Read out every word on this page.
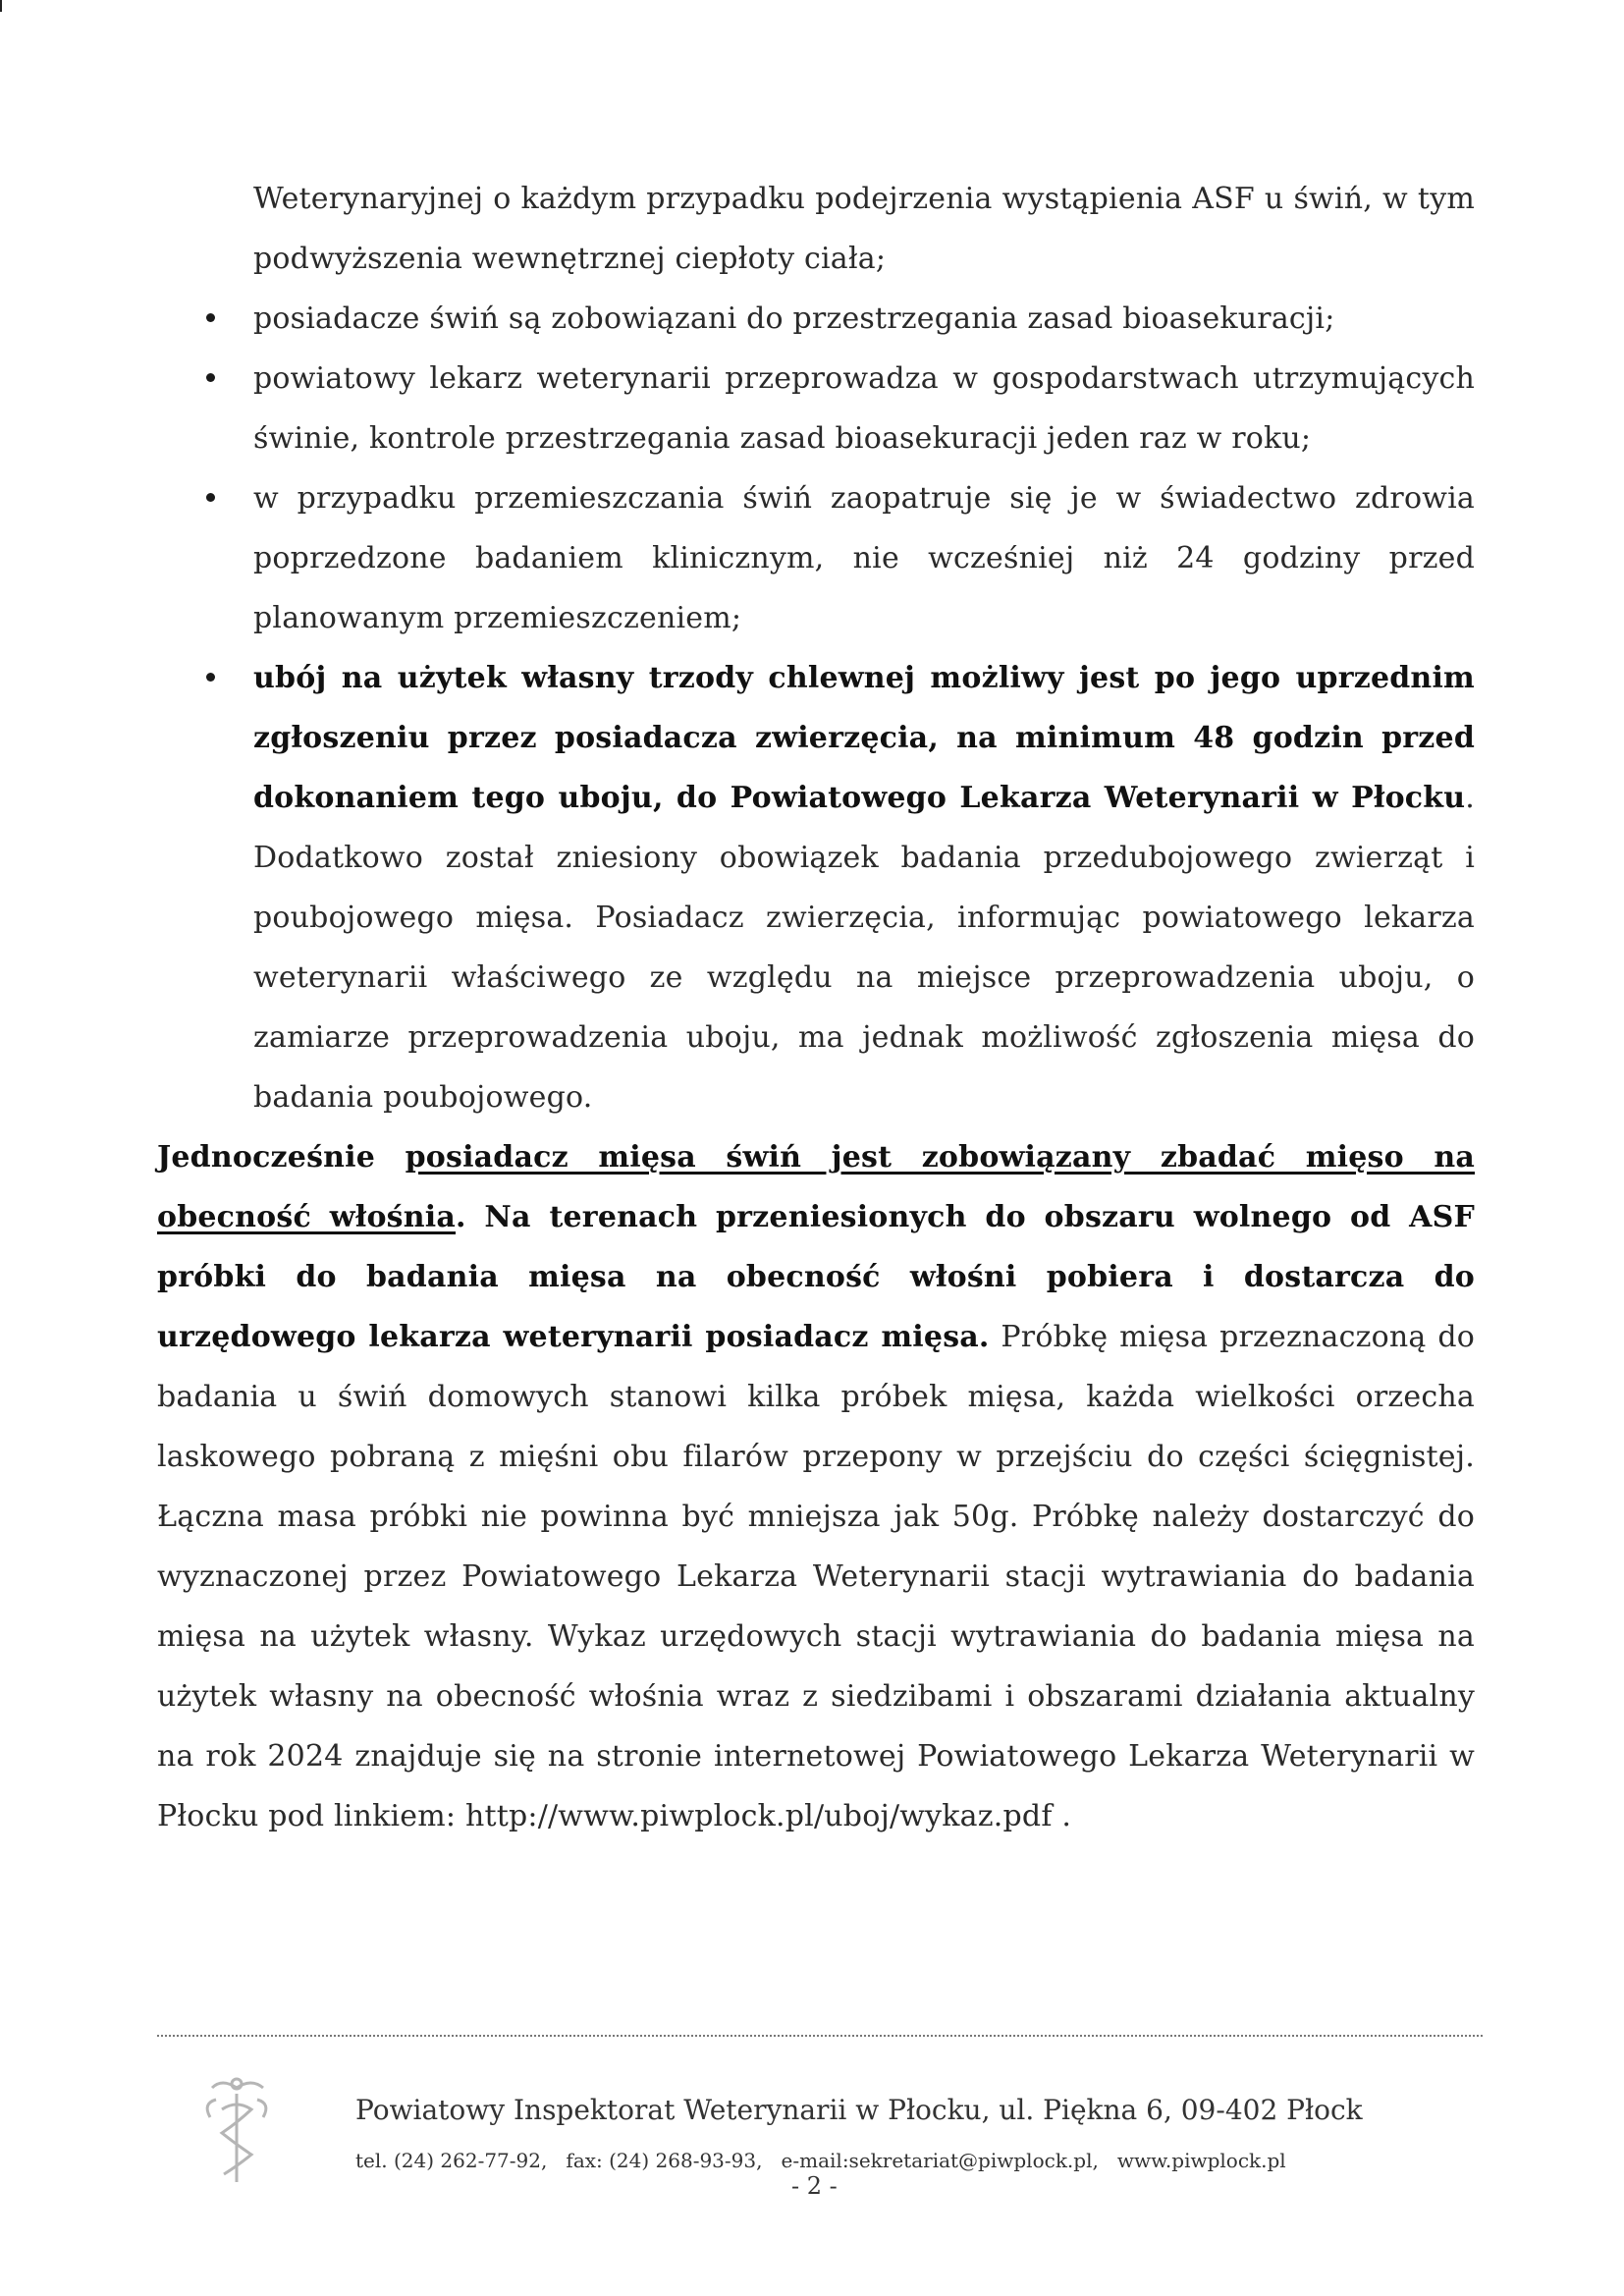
Weterynaryjnej o każdym przypadku podejrzenia wystąpienia ASF u świń, w tym podwyższenia wewnętrznej ciepłoty ciała;

posiadacze świń są zobowiązani do przestrzegania zasad bioasekuracji;
powiatowy lekarz weterynarii przeprowadza w gospodarstwach utrzymujących świnie, kontrole przestrzegania zasad bioasekuracji jeden raz w roku;
w przypadku przemieszczania świń zaopatruje się je w świadectwo zdrowia poprzedzone badaniem klinicznym, nie wcześniej niż 24 godziny przed planowanym przemieszczeniem;
ubój na użytek własny trzody chlewnej możliwy jest po jego uprzednim zgłoszeniu przez posiadacza zwierzęcia, na minimum 48 godzin przed dokonaniem tego uboju, do Powiatowego Lekarza Weterynarii w Płocku. Dodatkowo został zniesiony obowiązek badania przedubojowego zwierząt i poubojowego mięsa. Posiadacz zwierzęcia, informując powiatowego lekarza weterynarii właściwego ze względu na miejsce przeprowadzenia uboju, o zamiarze przeprowadzenia uboju, ma jednak możliwość zgłoszenia mięsa do badania poubojowego.

Jednocześnie posiadacz mięsa świń jest zobowiązany zbadać mięso na obecność włośnia. Na terenach przeniesionych do obszaru wolnego od ASF próbki do badania mięsa na obecność włośni pobiera i dostarcza do urzędowego lekarza weterynarii posiadacz mięsa. Próbkę mięsa przeznaczoną do badania u świń domowych stanowi kilka próbek mięsa, każda wielkości orzecha laskowego pobraną z mięśni obu filarów przepony w przejściu do części ścięgnistej. Łączna masa próbki nie powinna być mniejsza jak 50g. Próbkę należy dostarczyć do wyznaczonej przez Powiatowego Lekarza Weterynarii stacji wytrawiania do badania mięsa na użytek własny. Wykaz urzędowych stacji wytrawiania do badania mięsa na użytek własny na obecność włośnia wraz z siedzibami i obszarami działania aktualny na rok 2024 znajduje się na stronie internetowej Powiatowego Lekarza Weterynarii w Płocku pod linkiem: http://www.piwplock.pl/uboj/wykaz.pdf .

Powiatowy Inspektorat Weterynarii w Płocku, ul. Piękna 6, 09-402 Płock
tel. (24) 262-77-92,   fax: (24) 268-93-93,   e-mail:sekretariat@piwplock.pl,   www.piwplock.pl
- 2 -
